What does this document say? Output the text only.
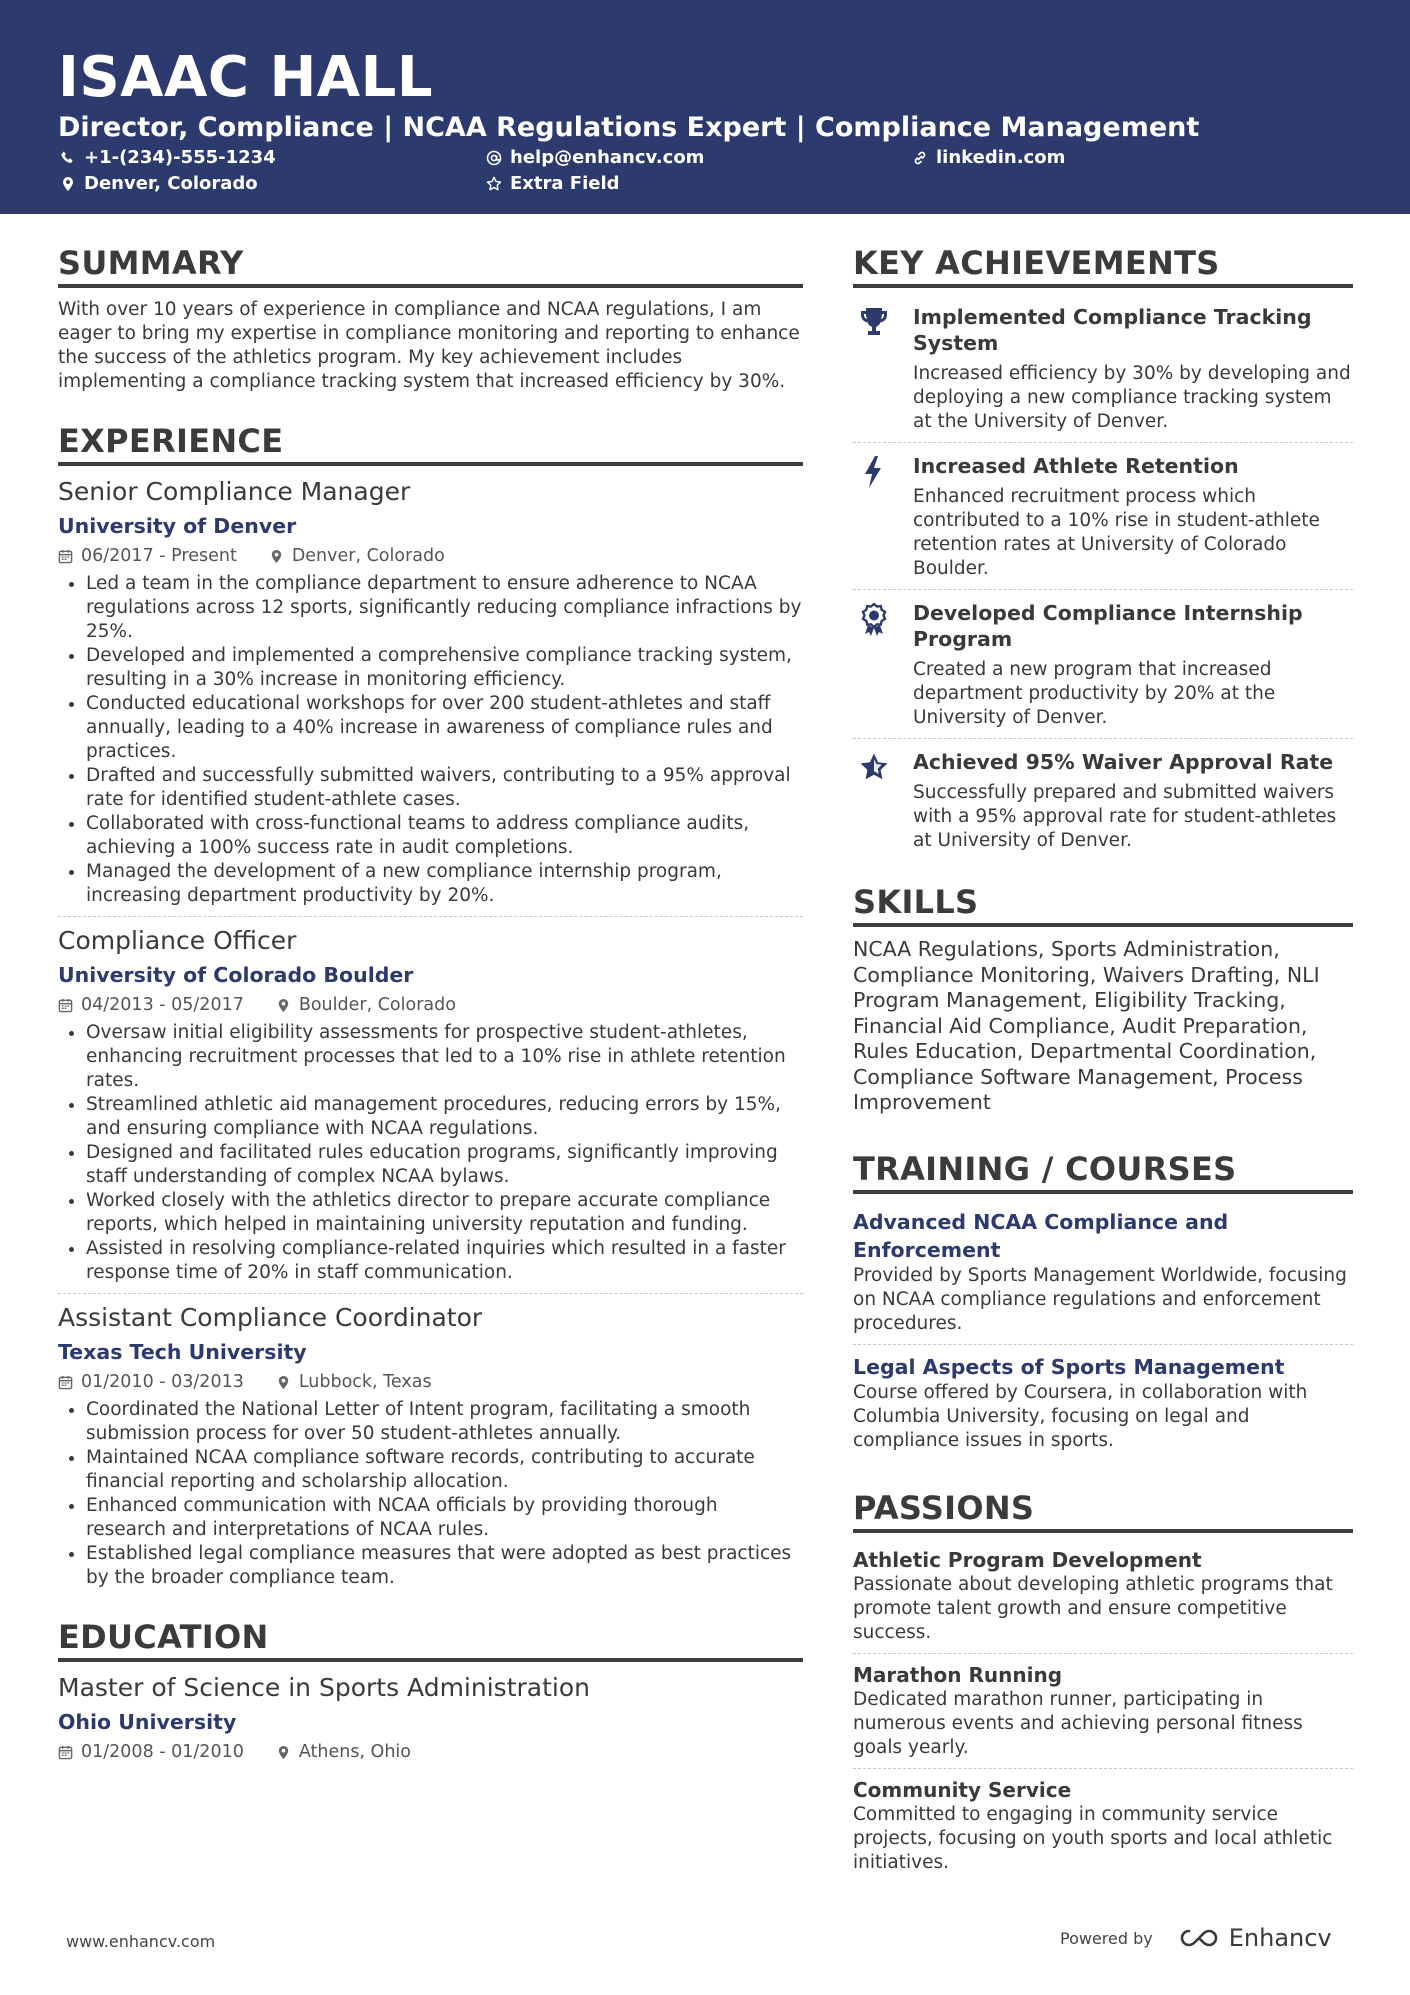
ISAAC HALL
Director, Compliance | NCAA Regulations Expert | Compliance Management
+1-(234)-555-1234	help@enhancv.com	linkedin.com
Denver, Colorado	Extra Field
SUMMARY
With over 10 years of experience in compliance and NCAA regulations, I am eager to bring my expertise in compliance monitoring and reporting to enhance the success of the athletics program. My key achievement includes implementing a compliance tracking system that increased efficiency by 30%.
EXPERIENCE
Senior Compliance Manager
University of Denver
06/2017 - Present	Denver, Colorado
• Led a team in the compliance department to ensure adherence to NCAA regulations across 12 sports, significantly reducing compliance infractions by 25%.
• Developed and implemented a comprehensive compliance tracking system, resulting in a 30% increase in monitoring efficiency.
• Conducted educational workshops for over 200 student-athletes and staff annually, leading to a 40% increase in awareness of compliance rules and practices.
• Drafted and successfully submitted waivers, contributing to a 95% approval rate for identified student-athlete cases.
• Collaborated with cross-functional teams to address compliance audits, achieving a 100% success rate in audit completions.
• Managed the development of a new compliance internship program, increasing department productivity by 20%.
Compliance Officer
University of Colorado Boulder
04/2013 - 05/2017	Boulder, Colorado
• Oversaw initial eligibility assessments for prospective student-athletes, enhancing recruitment processes that led to a 10% rise in athlete retention rates.
• Streamlined athletic aid management procedures, reducing errors by 15%, and ensuring compliance with NCAA regulations.
• Designed and facilitated rules education programs, significantly improving staff understanding of complex NCAA bylaws.
• Worked closely with the athletics director to prepare accurate compliance reports, which helped in maintaining university reputation and funding.
• Assisted in resolving compliance-related inquiries which resulted in a faster response time of 20% in staff communication.
Assistant Compliance Coordinator
Texas Tech University
01/2010 - 03/2013	Lubbock, Texas
• Coordinated the National Letter of Intent program, facilitating a smooth submission process for over 50 student-athletes annually.
• Maintained NCAA compliance software records, contributing to accurate financial reporting and scholarship allocation.
• Enhanced communication with NCAA officials by providing thorough research and interpretations of NCAA rules.
• Established legal compliance measures that were adopted as best practices by the broader compliance team.
EDUCATION
Master of Science in Sports Administration
Ohio University
01/2008 - 01/2010	Athens, Ohio
KEY ACHIEVEMENTS
Implemented Compliance Tracking System
Increased efficiency by 30% by developing and deploying a new compliance tracking system at the University of Denver.
Increased Athlete Retention
Enhanced recruitment process which contributed to a 10% rise in student-athlete retention rates at University of Colorado Boulder.
Developed Compliance Internship Program
Created a new program that increased department productivity by 20% at the University of Denver.
Achieved 95% Waiver Approval Rate
Successfully prepared and submitted waivers with a 95% approval rate for student-athletes at University of Denver.
SKILLS
NCAA Regulations, Sports Administration, Compliance Monitoring, Waivers Drafting, NLI Program Management, Eligibility Tracking, Financial Aid Compliance, Audit Preparation, Rules Education, Departmental Coordination, Compliance Software Management, Process Improvement
TRAINING / COURSES
Advanced NCAA Compliance and Enforcement
Provided by Sports Management Worldwide, focusing on NCAA compliance regulations and enforcement procedures.
Legal Aspects of Sports Management
Course offered by Coursera, in collaboration with Columbia University, focusing on legal and compliance issues in sports.
PASSIONS
Athletic Program Development
Passionate about developing athletic programs that promote talent growth and ensure competitive success.
Marathon Running
Dedicated marathon runner, participating in numerous events and achieving personal fitness goals yearly.
Community Service
Committed to engaging in community service projects, focusing on youth sports and local athletic initiatives.
www.enhancv.com	Powered by	Enhancv
